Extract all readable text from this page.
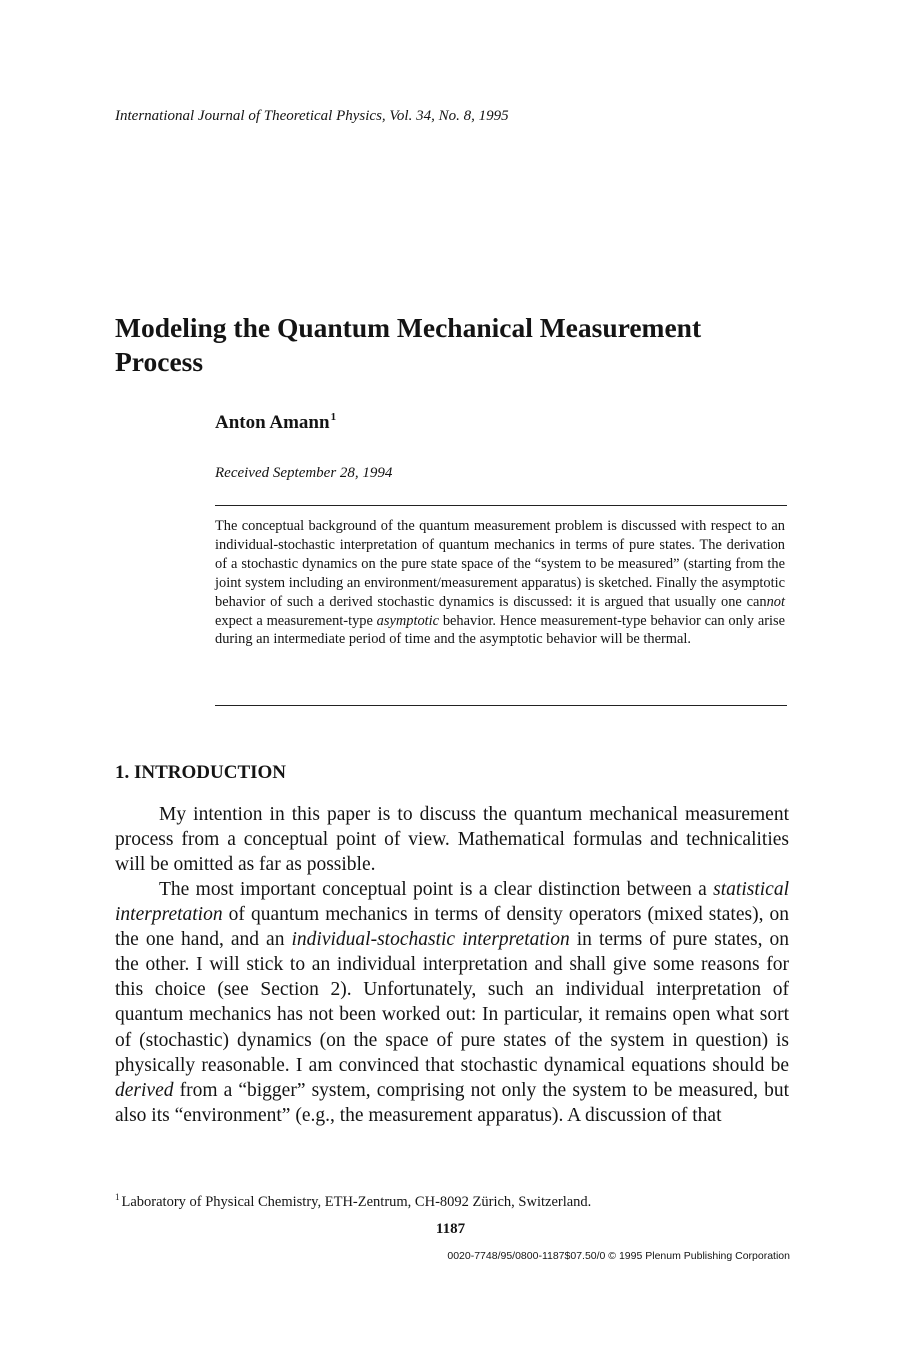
International Journal of Theoretical Physics, Vol. 34, No. 8, 1995
Modeling the Quantum Mechanical Measurement Process
Anton Amann$^1$
Received September 28, 1994

The conceptual background of the quantum measurement problem is discussed with respect to an individual-stochastic interpretation of quantum mechanics in terms of pure states. The derivation of a stochastic dynamics on the pure state space of the “system to be measured” (starting from the joint system including an environment/measurement apparatus) is sketched. Finally the asymptotic behavior of such a derived stochastic dynamics is discussed: it is argued that usually one cannot expect a measurement-type asymptotic behavior. Hence measurement-type behavior can only arise during an intermediate period of time and the asymptotic behavior will be thermal.

1. INTRODUCTION

My intention in this paper is to discuss the quantum mechanical measurement process from a conceptual point of view. Mathematical formulas and technicalities will be omitted as far as possible.

The most important conceptual point is a clear distinction between a statistical interpretation of quantum mechanics in terms of density operators (mixed states), on the one hand, and an individual-stochastic interpretation in terms of pure states, on the other. I will stick to an individual interpretation and shall give some reasons for this choice (see Section 2). Unfortunately, such an individual interpretation of quantum mechanics has not been worked out: In particular, it remains open what sort of (stochastic) dynamics (on the space of pure states of the system in question) is physically reasonable. I am convinced that stochastic dynamical equations should be derived from a “bigger” system, comprising not only the system to be measured, but also its “environment” (e.g., the measurement apparatus). A discussion of that

$^1$ Laboratory of Physical Chemistry, ETH-Zentrum, CH-8092 Zürich, Switzerland.
1187
0020-7748/95/0800-1187$07.50/0 © 1995 Plenum Publishing Corporation
